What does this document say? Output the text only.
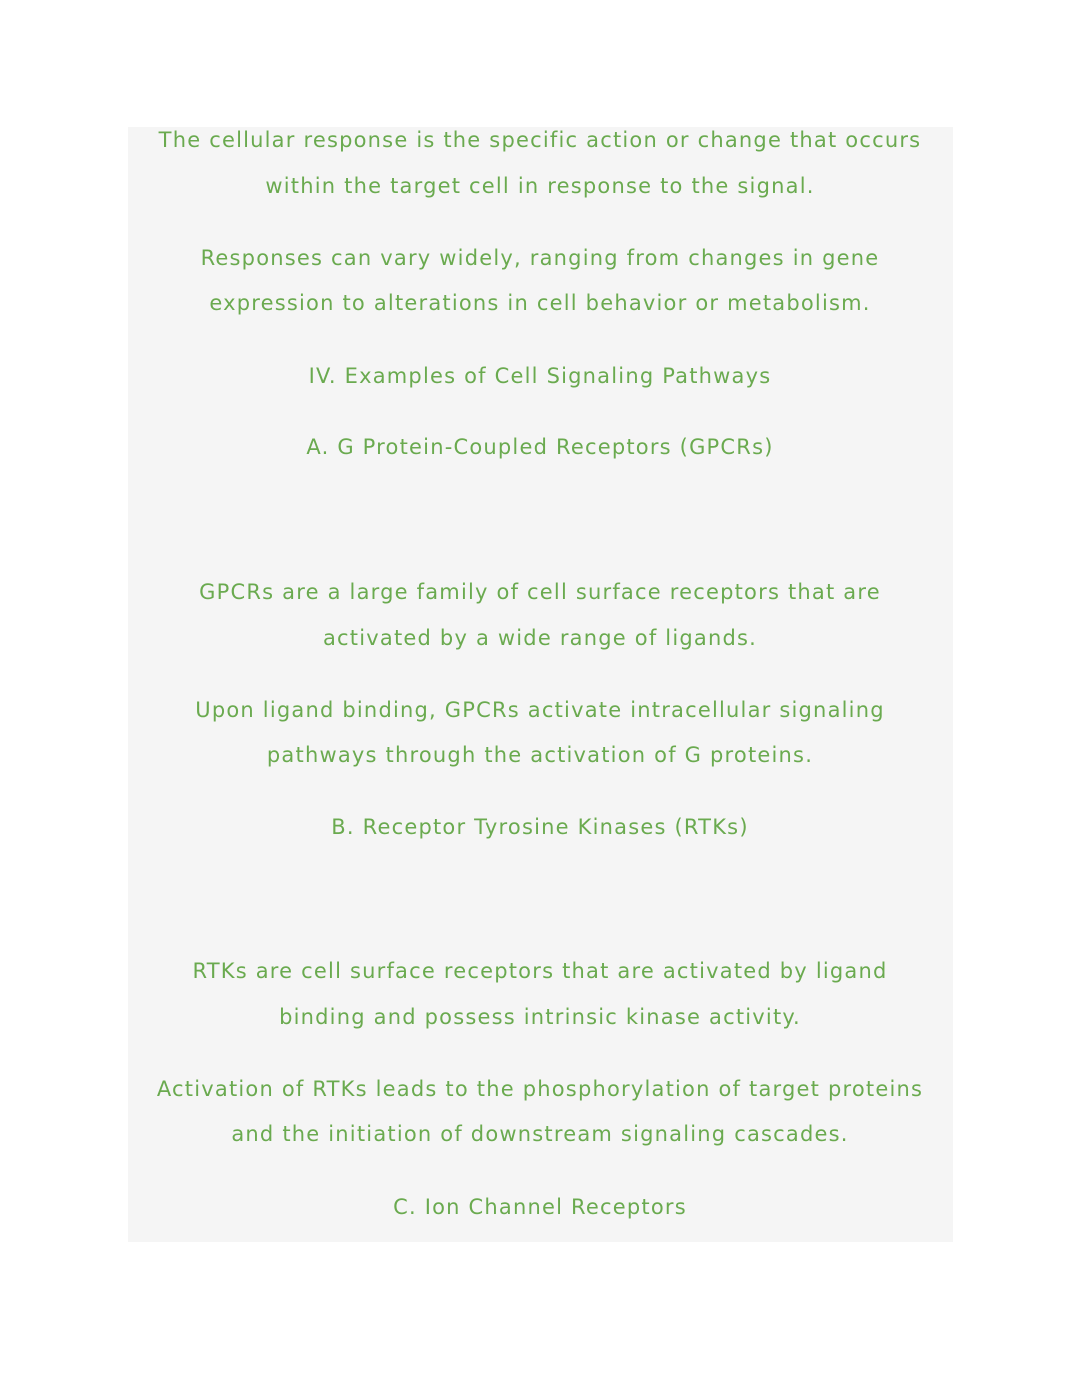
The cellular response is the specific action or change that occurs
within the target cell in response to the signal.
Responses can vary widely, ranging from changes in gene
expression to alterations in cell behavior or metabolism.
IV. Examples of Cell Signaling Pathways
A. G Protein-Coupled Receptors (GPCRs)
GPCRs are a large family of cell surface receptors that are
activated by a wide range of ligands.
Upon ligand binding, GPCRs activate intracellular signaling
pathways through the activation of G proteins.
B. Receptor Tyrosine Kinases (RTKs)
RTKs are cell surface receptors that are activated by ligand
binding and possess intrinsic kinase activity.
Activation of RTKs leads to the phosphorylation of target proteins
and the initiation of downstream signaling cascades.
C. Ion Channel Receptors
